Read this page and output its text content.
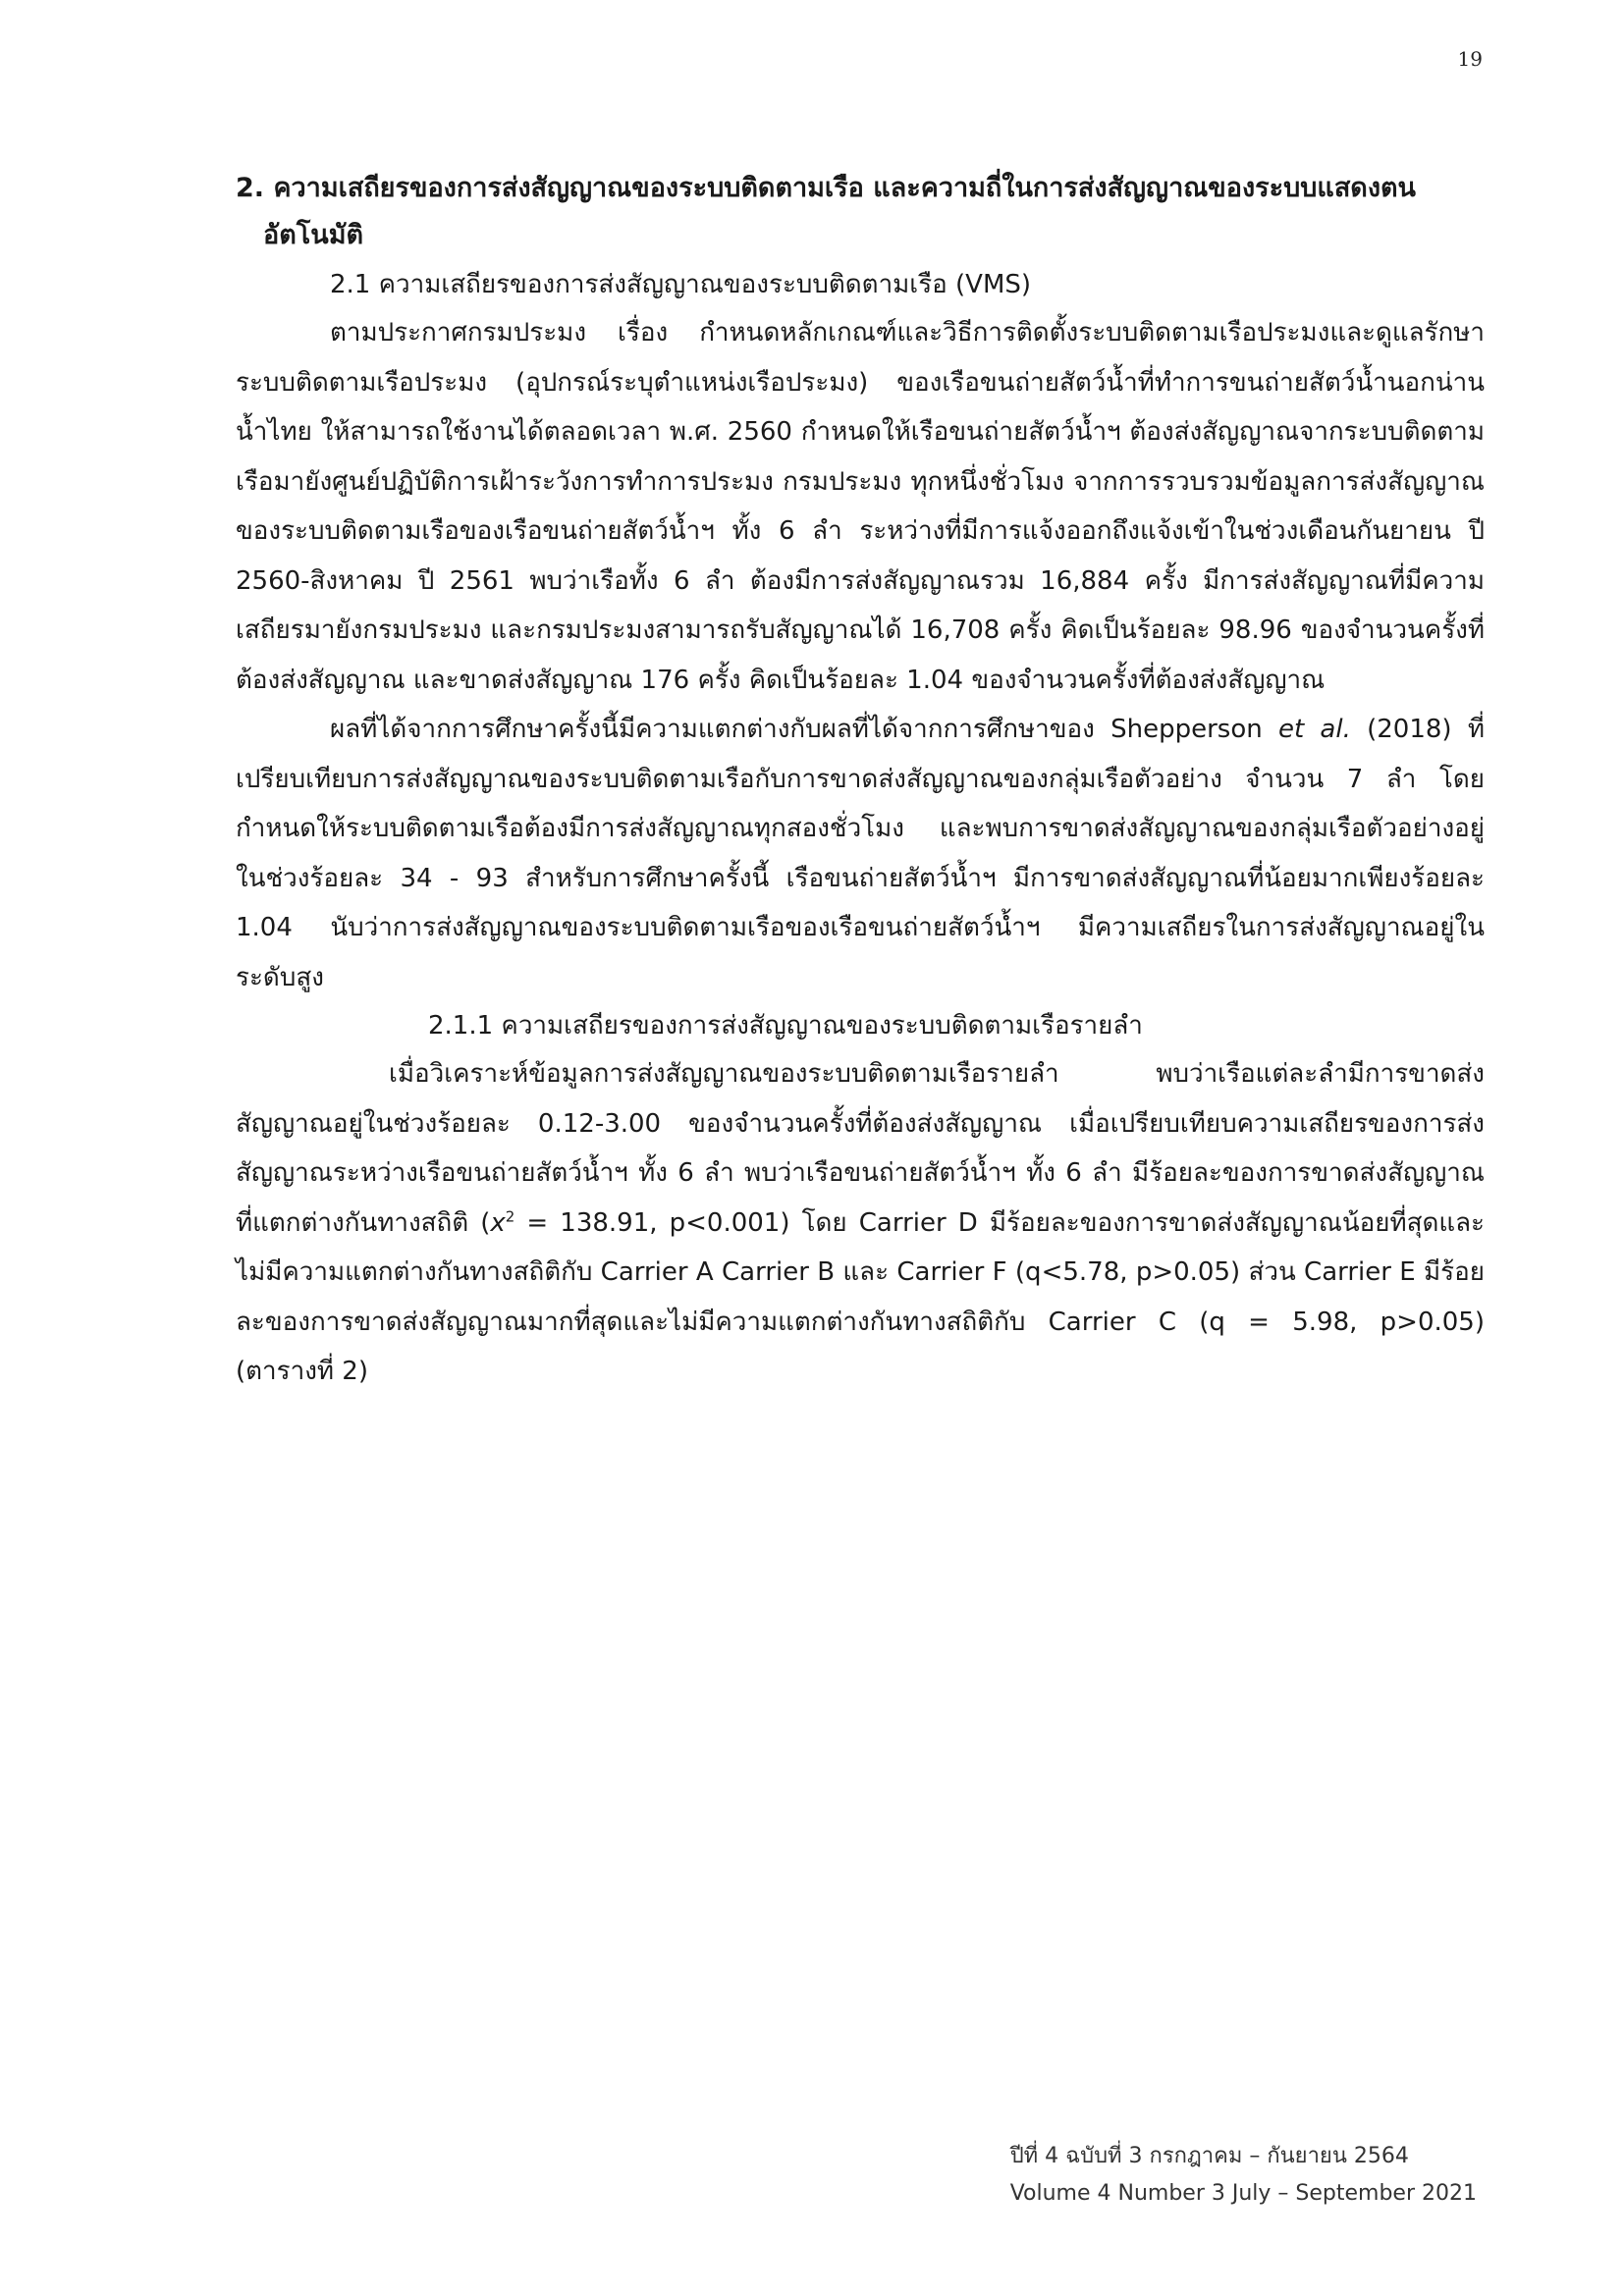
19

2. ความเสถียรของการส่งสัญญาณของระบบติดตามเรือ และความถี่ในการส่งสัญญาณของระบบแสดงตนอัตโนมัติ

2.1 ความเสถียรของการส่งสัญญาณของระบบติดตามเรือ (VMS)

ตามประกาศกรมประมง เรื่อง กำหนดหลักเกณฑ์และวิธีการติดตั้งระบบติดตามเรือประมงและดูแลรักษาระบบติดตามเรือประมง (อุปกรณ์ระบุตำแหน่งเรือประมง) ของเรือขนถ่ายสัตว์น้ำที่ทำการขนถ่ายสัตว์น้ำนอกน่านน้ำไทย ให้สามารถใช้งานได้ตลอดเวลา พ.ศ. 2560 กำหนดให้เรือขนถ่ายสัตว์น้ำฯ ต้องส่งสัญญาณจากระบบติดตามเรือมายังศูนย์ปฏิบัติการเฝ้าระวังการทำการประมง กรมประมง ทุกหนึ่งชั่วโมง จากการรวบรวมข้อมูลการส่งสัญญาณของระบบติดตามเรือของเรือขนถ่ายสัตว์น้ำฯ ทั้ง 6 ลำ ระหว่างที่มีการแจ้งออกถึงแจ้งเข้าในช่วงเดือนกันยายน ปี 2560-สิงหาคม ปี 2561 พบว่าเรือทั้ง 6 ลำ ต้องมีการส่งสัญญาณรวม 16,884 ครั้ง มีการส่งสัญญาณที่มีความเสถียรมายังกรมประมง และกรมประมงสามารถรับสัญญาณได้ 16,708 ครั้ง คิดเป็นร้อยละ 98.96 ของจำนวนครั้งที่ต้องส่งสัญญาณ และขาดส่งสัญญาณ 176 ครั้ง คิดเป็นร้อยละ 1.04 ของจำนวนครั้งที่ต้องส่งสัญญาณ

ผลที่ได้จากการศึกษาครั้งนี้มีความแตกต่างกับผลที่ได้จากการศึกษาของ Shepperson et al. (2018) ที่เปรียบเทียบการส่งสัญญาณของระบบติดตามเรือกับการขาดส่งสัญญาณของกลุ่มเรือตัวอย่าง จำนวน 7 ลำ โดยกำหนดให้ระบบติดตามเรือต้องมีการส่งสัญญาณทุกสองชั่วโมง และพบการขาดส่งสัญญาณของกลุ่มเรือตัวอย่างอยู่ในช่วงร้อยละ 34 - 93 สำหรับการศึกษาครั้งนี้ เรือขนถ่ายสัตว์น้ำฯ มีการขาดส่งสัญญาณที่น้อยมากเพียงร้อยละ 1.04 นับว่าการส่งสัญญาณของระบบติดตามเรือของเรือขนถ่ายสัตว์น้ำฯ มีความเสถียรในการส่งสัญญาณอยู่ในระดับสูง

2.1.1 ความเสถียรของการส่งสัญญาณของระบบติดตามเรือรายลำ

เมื่อวิเคราะห์ข้อมูลการส่งสัญญาณของระบบติดตามเรือรายลำ พบว่าเรือแต่ละลำมีการขาดส่งสัญญาณอยู่ในช่วงร้อยละ 0.12-3.00 ของจำนวนครั้งที่ต้องส่งสัญญาณ เมื่อเปรียบเทียบความเสถียรของการส่งสัญญาณระหว่างเรือขนถ่ายสัตว์น้ำฯ ทั้ง 6 ลำ พบว่าเรือขนถ่ายสัตว์น้ำฯ ทั้ง 6 ลำ มีร้อยละของการขาดส่งสัญญาณที่แตกต่างกันทางสถิติ ($x^2 = 138.91$, p<0.001) โดย Carrier D มีร้อยละของการขาดส่งสัญญาณน้อยที่สุดและไม่มีความแตกต่างกันทางสถิติกับ Carrier A Carrier B และ Carrier F (q<5.78, p>0.05) ส่วน Carrier E มีร้อยละของการขาดส่งสัญญาณมากที่สุดและไม่มีความแตกต่างกันทางสถิติกับ Carrier C (q = 5.98, p>0.05) (ตารางที่ 2)

ปีที่ 4 ฉบับที่ 3 กรกฎาคม – กันยายน 2564
Volume 4 Number 3 July – September 2021
